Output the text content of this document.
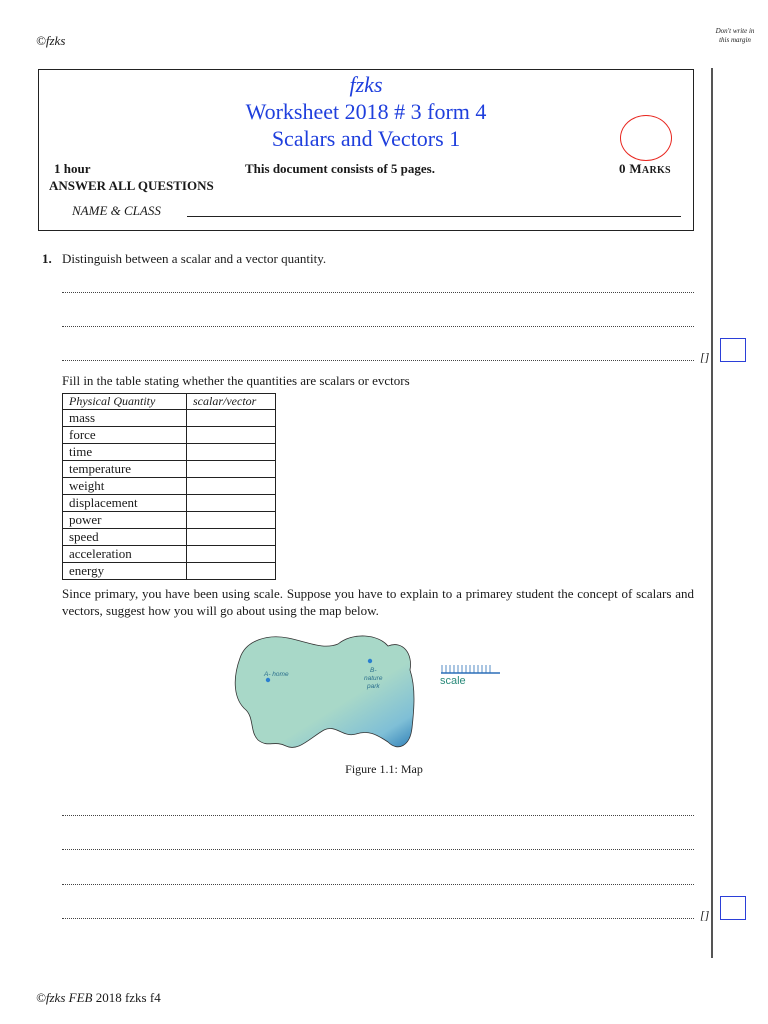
©fzks
Don't write in this margin
fzks
Worksheet 2018 # 3 form 4
Scalars and Vectors 1
1 hour	This document consists of 5 pages.	0 MARKS
ANSWER ALL QUESTIONS
NAME & CLASS
1. Distinguish between a scalar and a vector quantity.
[]
Fill in the table stating whether the quantities are scalars or evctors
Physical Quantity	scalar/vector
mass	
force	
time	
temperature	
weight	
displacement	
power	
speed	
acceleration	
energy	
Since primary, you have been using scale. Suppose you have to explain to a primarey student the concept of scalars and vectors, suggest how you will go about using the map below.
A- home
B-
nature
park	scale
Figure 1.1: Map
[]
©fzks FEB 2018 fzks f4
